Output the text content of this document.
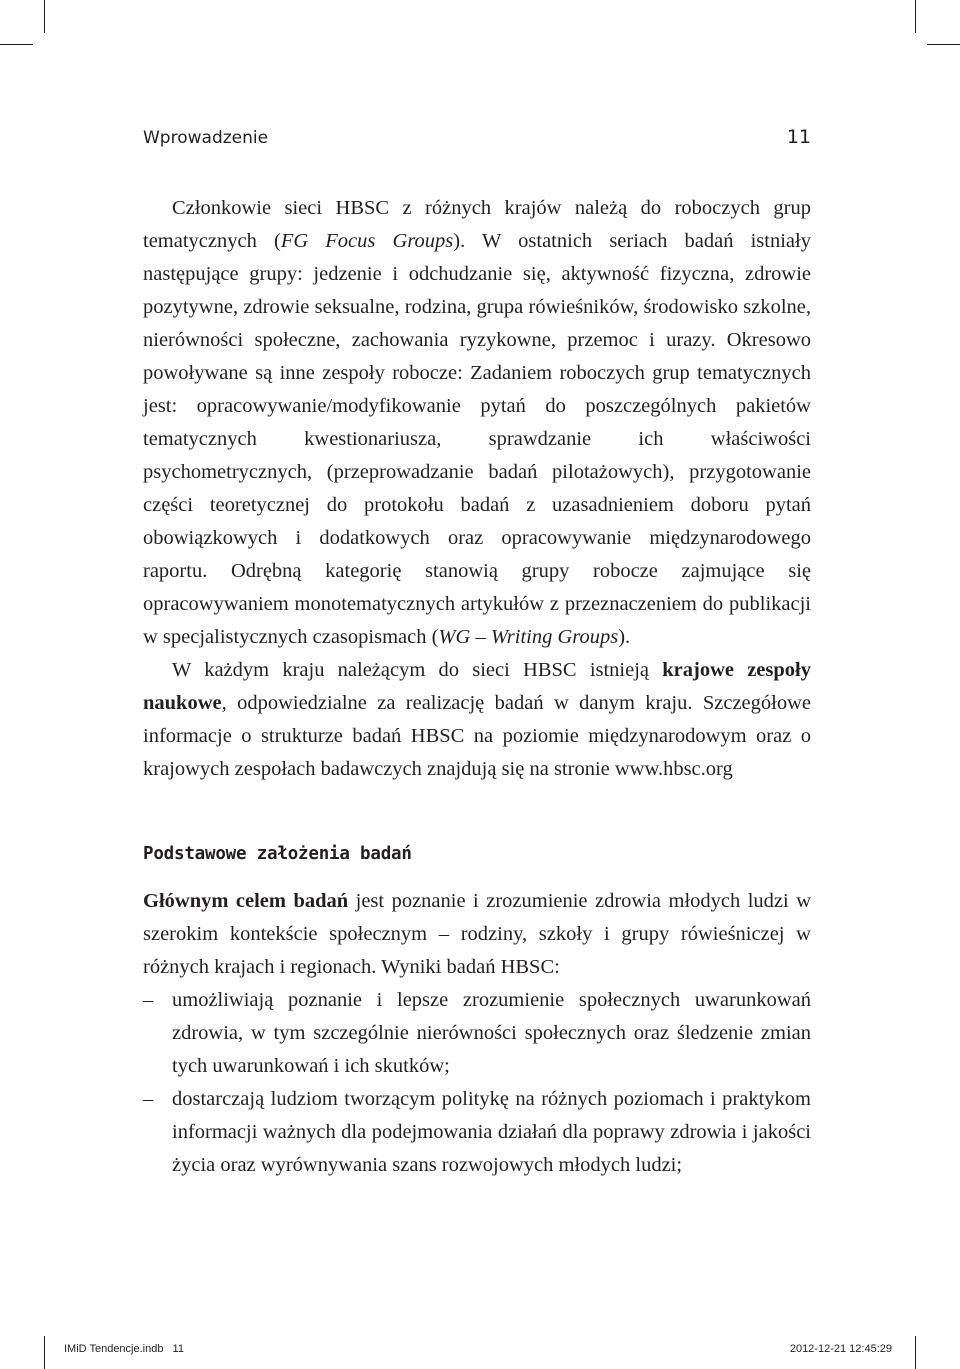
Wprowadzenie	11

Członkowie sieci HBSC z różnych krajów należą do roboczych grup tematycznych (FG Focus Groups). W ostatnich seriach badań istniały następujące grupy: jedzenie i odchudzanie się, aktywność fizyczna, zdrowie pozytywne, zdrowie seksualne, rodzina, grupa rówieśników, środowisko szkolne, nierówności społeczne, zachowania ryzykowne, przemoc i urazy. Okresowo powoływane są inne zespoły robocze: Zadaniem roboczych grup tematycznych jest: opracowywanie/modyfikowanie pytań do poszczególnych pakietów tematycznych kwestionariusza, sprawdzanie ich właściwości psychometrycznych, (przeprowadzanie badań pilotażowych), przygotowanie części teoretycznej do protokołu badań z uzasadnieniem doboru pytań obowiązkowych i dodatkowych oraz opracowywanie międzynarodowego raportu. Odrębną kategorię stanowią grupy robocze zajmujące się opracowywaniem monotematycznych artykułów z przeznaczeniem do publikacji w specjalistycznych czasopismach (WG – Writing Groups).

W każdym kraju należącym do sieci HBSC istnieją krajowe zespoły naukowe, odpowiedzialne za realizację badań w danym kraju. Szczegółowe informacje o strukturze badań HBSC na poziomie międzynarodowym oraz o krajowych zespołach badawczych znajdują się na stronie www.hbsc.org

Podstawowe założenia badań

Głównym celem badań jest poznanie i zrozumienie zdrowia młodych ludzi w szerokim kontekście społecznym – rodziny, szkoły i grupy rówieśniczej w różnych krajach i regionach. Wyniki badań HBSC:

– umożliwiają poznanie i lepsze zrozumienie społecznych uwarunkowań zdrowia, w tym szczególnie nierówności społecznych oraz śledzenie zmian tych uwarunkowań i ich skutków;
– dostarczają ludziom tworzącym politykę na różnych poziomach i praktykom informacji ważnych dla podejmowania działań dla poprawy zdrowia i jakości życia oraz wyrównywania szans rozwojowych młodych ludzi;
IMiD Tendencje.indb 11	2012-12-21 12:45:29
